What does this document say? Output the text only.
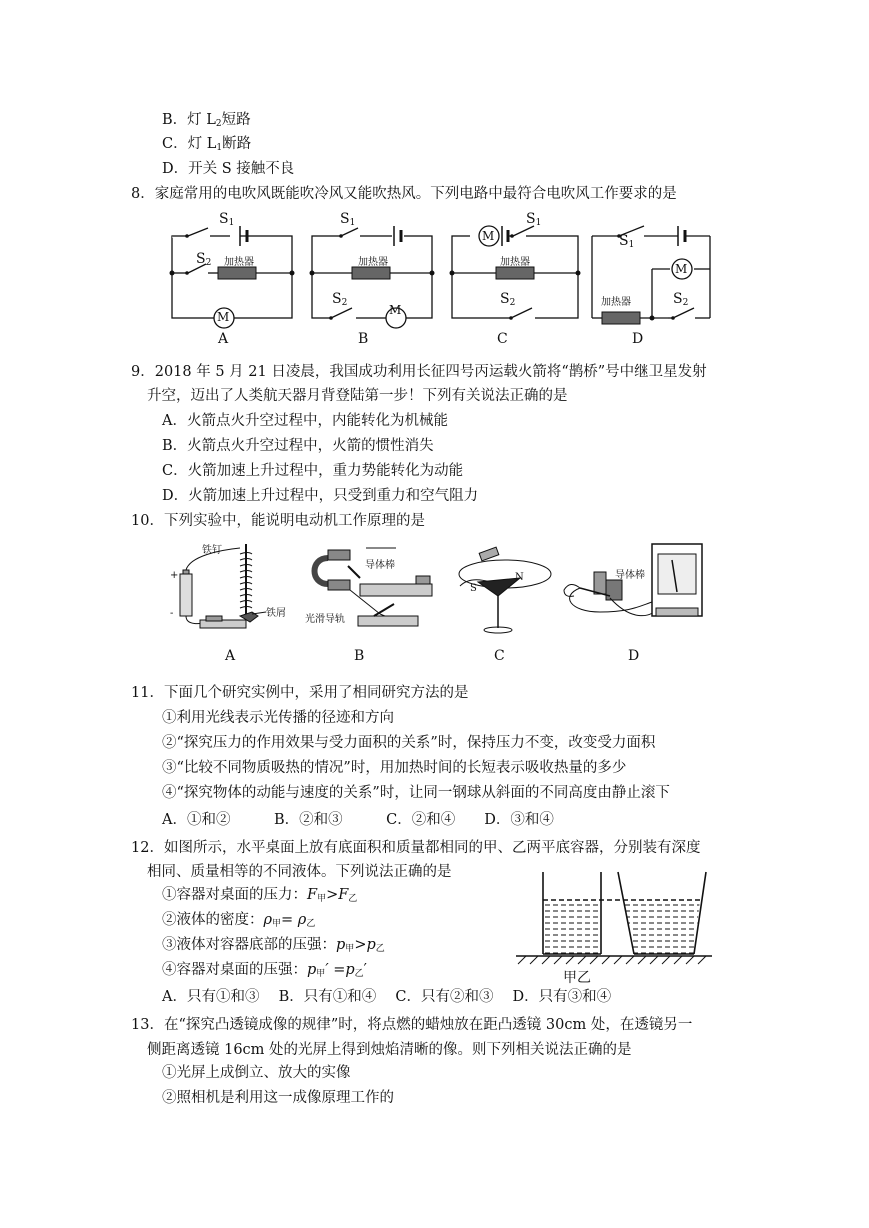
B．灯 $L_2$短路
C．灯 $L_1$断路
D．开关 S 接触不良
8．家庭常用的电吹风既能吹冷风又能吹热风。下列电路中最符合电吹风工作要求的是
$S_1$
$S_2$ 加热器
M
$S_1$
加热器
$S_2$	M
$S_1$
M
加热器
$S_2$
$S_1$
M
加热器	$S_2$
A	B	C	D
9．2018 年 5 月 21 日凌晨，我国成功利用长征四号丙运载火箭将“鹊桥”号中继卫星发射
升空，迈出了人类航天器月背登陆第一步！下列有关说法正确的是
A．火箭点火升空过程中，内能转化为机械能
B．火箭点火升空过程中，火箭的惯性消失
C．火箭加速上升过程中，重力势能转化为动能
D．火箭加速上升过程中，只受到重力和空气阻力
10．下列实验中，能说明电动机工作原理的是
铁钉
+
-	铁屑
导体棒
光滑导轨
S
N	导体棒
A	B	C	D
11．下面几个研究实例中，采用了相同研究方法的是
①利用光线表示光传播的径迹和方向
②“探究压力的作用效果与受力面积的关系”时，保持压力不变，改变受力面积
③“比较不同物质吸热的情况”时，用加热时间的长短表示吸收热量的多少
④“探究物体的动能与速度的关系”时，让同一钢球从斜面的不同高度由静止滚下
A．①和②　　　B．②和③　　　C．②和④　　D．③和④
12．如图所示，水平桌面上放有底面积和质量都相同的甲、乙两平底容器，分别装有深度
相同、质量相等的不同液体。下列说法正确的是
①容器对桌面的压力：$F_甲>F_乙$
②液体的密度：$\rho_甲= \rho_乙$
③液体对容器底部的压强：$p_甲>p_乙$
④容器对桌面的压强：$p_甲' =p_乙'$
A．只有①和③　 B．只有①和④　 C．只有②和③　 D．只有③和④
甲乙
13．在“探究凸透镜成像的规律”时，将点燃的蜡烛放在距凸透镜 30cm 处，在透镜另一
侧距离透镜 16cm 处的光屏上得到烛焰清晰的像。则下列相关说法正确的是
①光屏上成倒立、放大的实像
②照相机是利用这一成像原理工作的
